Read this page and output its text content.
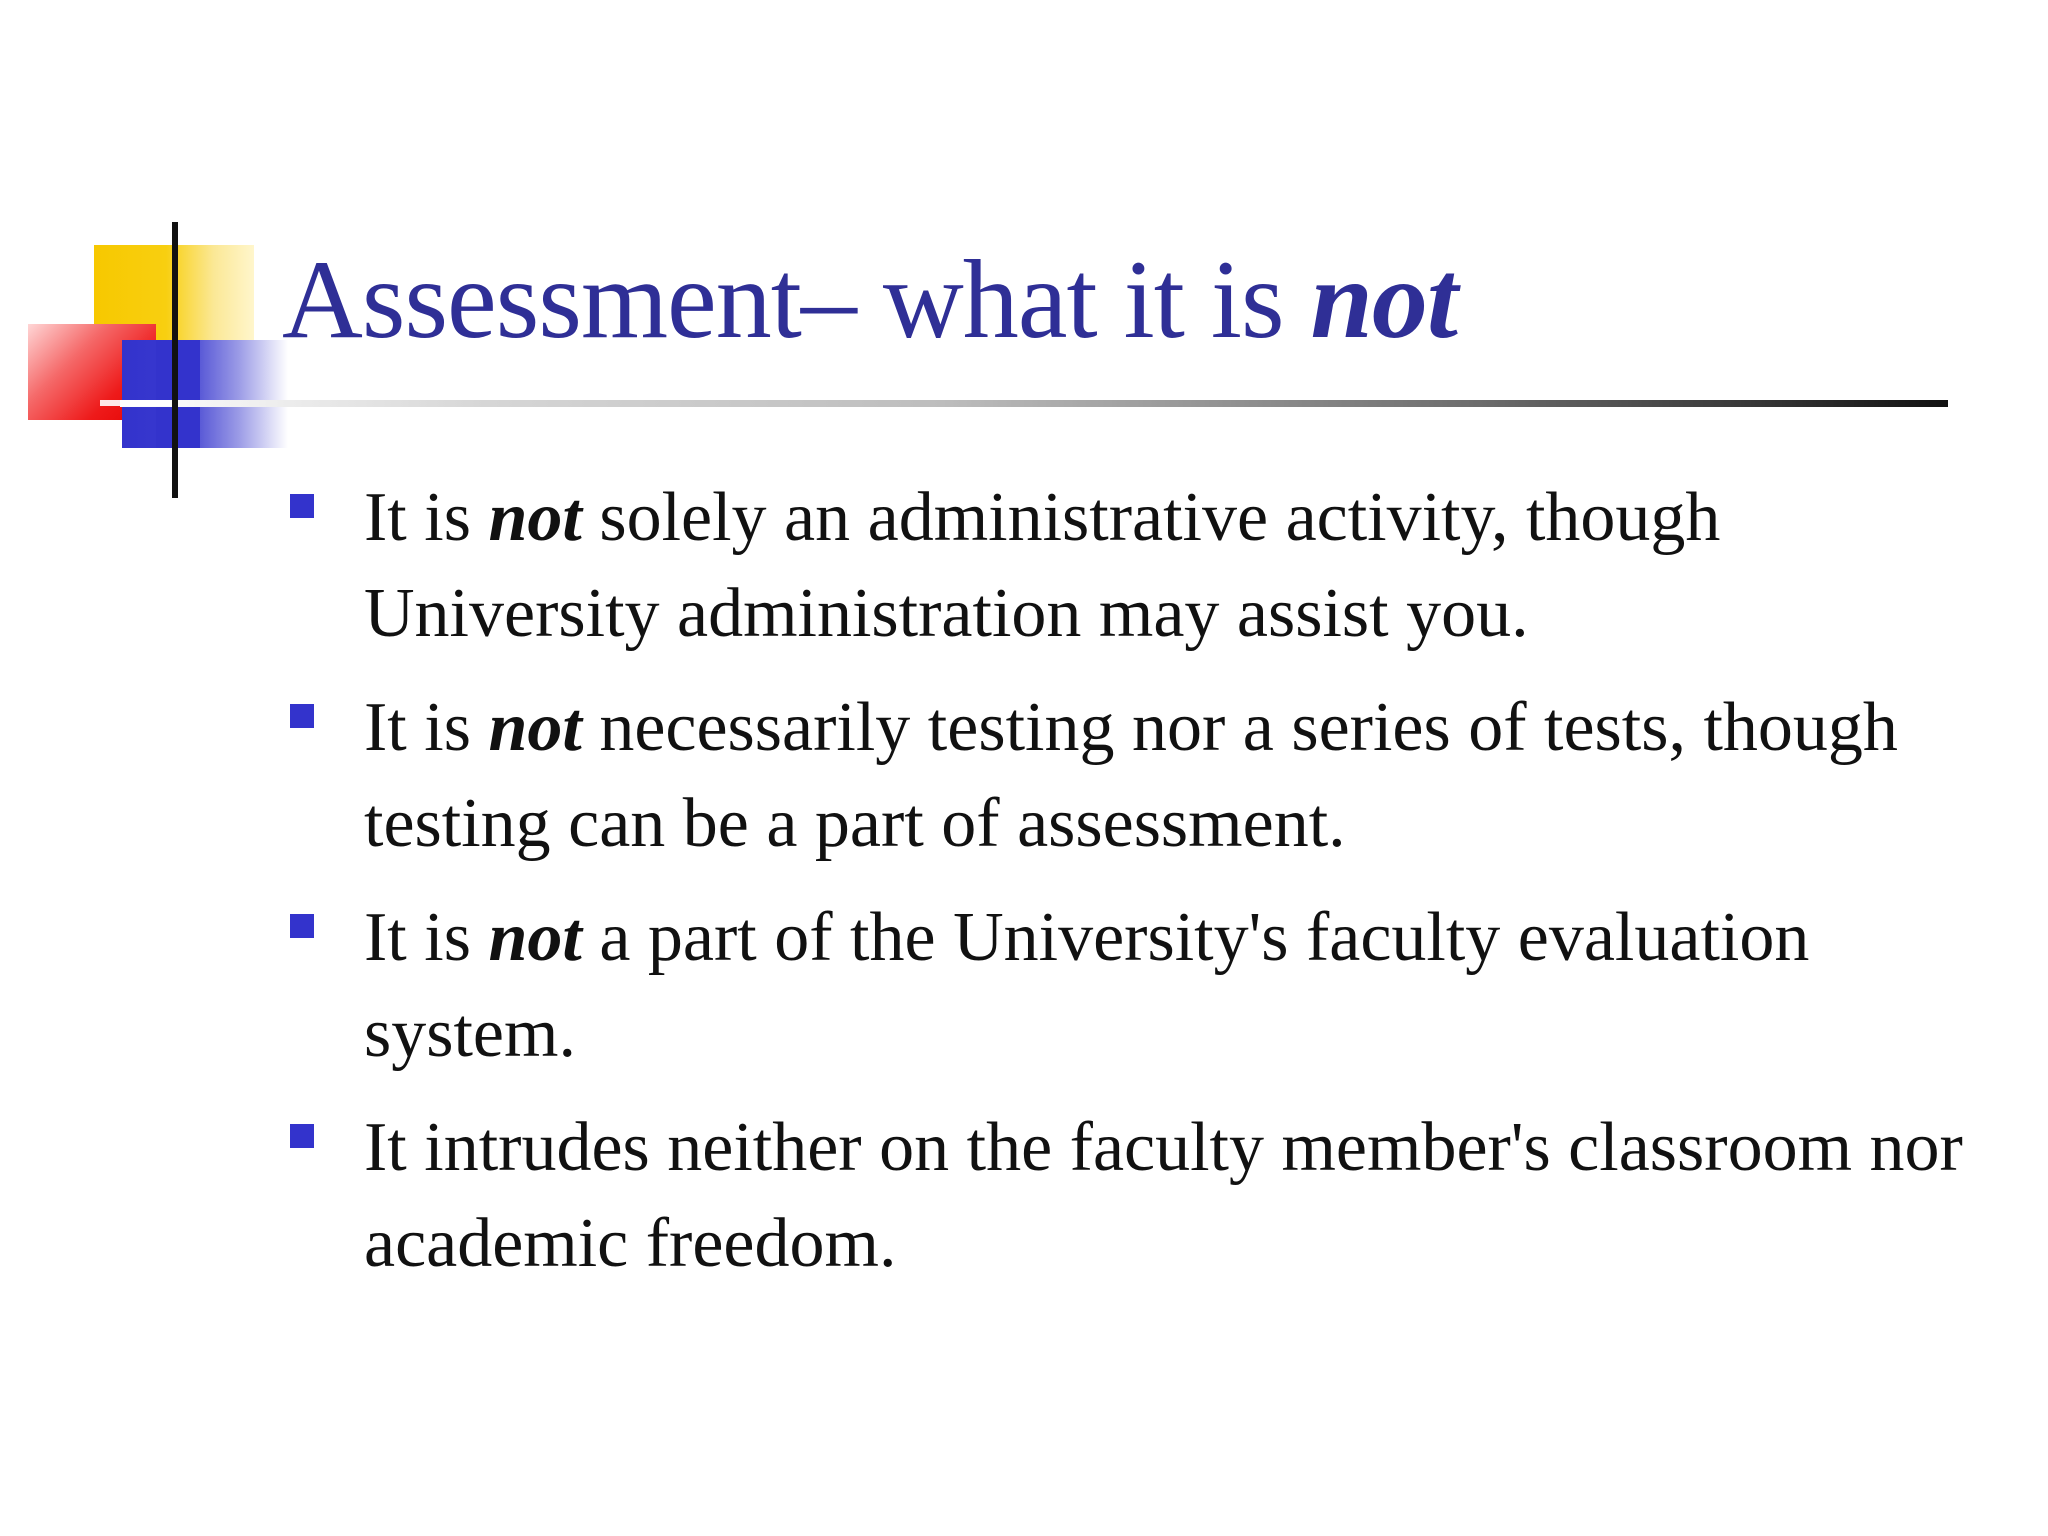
Assessment– what it is not
It is not solely an administrative activity, though University administration may assist you.
It is not necessarily testing nor a series of tests, though testing can be a part of assessment.
It is not a part of the University's faculty evaluation system.
It intrudes neither on the faculty member's classroom nor academic freedom.
